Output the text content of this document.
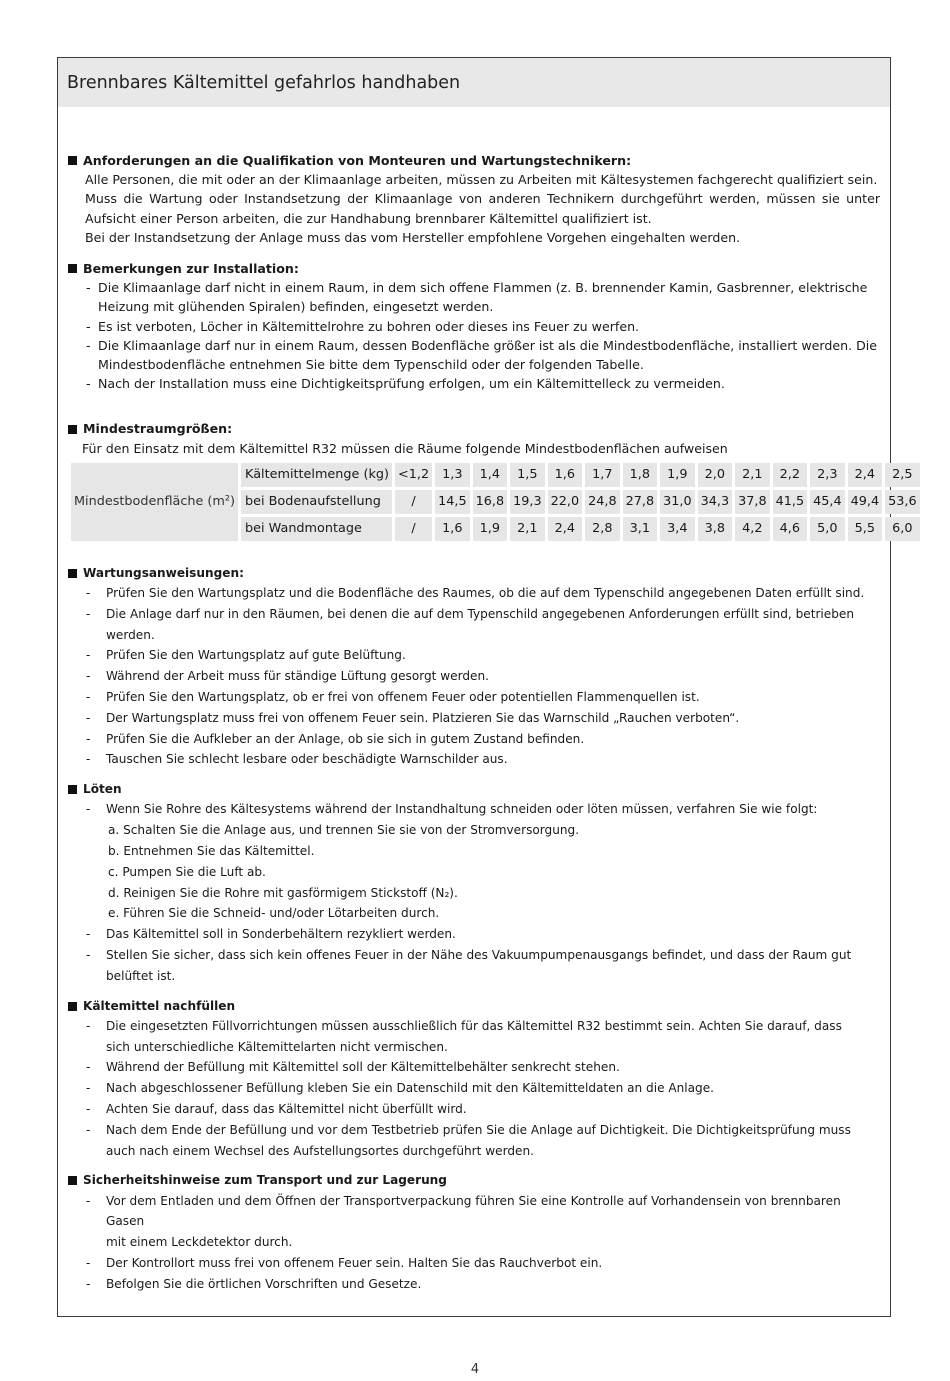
Brennbares Kältemittel gefahrlos handhaben
Anforderungen an die Qualifikation von Monteuren und Wartungstechnikern:
Alle Personen, die mit oder an der Klimaanlage arbeiten, müssen zu Arbeiten mit Kältesystemen fachgerecht qualifiziert sein.
Muss die Wartung oder Instandsetzung der Klimaanlage von anderen Technikern durchgeführt werden, müssen sie unter Aufsicht einer Person arbeiten, die zur Handhabung brennbarer Kältemittel qualifiziert ist.
Bei der Instandsetzung der Anlage muss das vom Hersteller empfohlene Vorgehen eingehalten werden.
Bemerkungen zur Installation:
- Die Klimaanlage darf nicht in einem Raum, in dem sich offene Flammen (z. B. brennender Kamin, Gasbrenner, elektrische Heizung mit glühenden Spiralen) befinden, eingesetzt werden.
- Es ist verboten, Löcher in Kältemittelrohre zu bohren oder dieses ins Feuer zu werfen.
- Die Klimaanlage darf nur in einem Raum, dessen Bodenfläche größer ist als die Mindestbodenfläche, installiert werden. Die Mindestbodenfläche entnehmen Sie bitte dem Typenschild oder der folgenden Tabelle.
- Nach der Installation muss eine Dichtigkeitsprüfung erfolgen, um ein Kältemittelleck zu vermeiden.
Mindestraumgrößen:
Für den Einsatz mit dem Kältemittel R32 müssen die Räume folgende Mindestbodenflächen aufweisen
Mindestbodenfläche (m²)	Kältemittelmenge (kg)	<1,2	1,3	1,4	1,5	1,6	1,7	1,8	1,9	2,0	2,1	2,2	2,3	2,4	2,5
	bei Bodenaufstellung	/	14,5	16,8	19,3	22,0	24,8	27,8	31,0	34,3	37,8	41,5	45,4	49,4	53,6
	bei Wandmontage	/	1,6	1,9	2,1	2,4	2,8	3,1	3,4	3,8	4,2	4,6	5,0	5,5	6,0
Wartungsanweisungen:
- Prüfen Sie den Wartungsplatz und die Bodenfläche des Raumes, ob die auf dem Typenschild angegebenen Daten erfüllt sind.
- Die Anlage darf nur in den Räumen, bei denen die auf dem Typenschild angegebenen Anforderungen erfüllt sind, betrieben werden.
- Prüfen Sie den Wartungsplatz auf gute Belüftung.
- Während der Arbeit muss für ständige Lüftung gesorgt werden.
- Prüfen Sie den Wartungsplatz, ob er frei von offenem Feuer oder potentiellen Flammenquellen ist.
- Der Wartungsplatz muss frei von offenem Feuer sein. Platzieren Sie das Warnschild „Rauchen verboten“.
- Prüfen Sie die Aufkleber an der Anlage, ob sie sich in gutem Zustand befinden.
- Tauschen Sie schlecht lesbare oder beschädigte Warnschilder aus.
Löten
- Wenn Sie Rohre des Kältesystems während der Instandhaltung schneiden oder löten müssen, verfahren Sie wie folgt:
a. Schalten Sie die Anlage aus, und trennen Sie sie von der Stromversorgung.
b. Entnehmen Sie das Kältemittel.
c. Pumpen Sie die Luft ab.
d. Reinigen Sie die Rohre mit gasförmigem Stickstoff (N₂).
e. Führen Sie die Schneid- und/oder Lötarbeiten durch.
- Das Kältemittel soll in Sonderbehältern rezykliert werden.
- Stellen Sie sicher, dass sich kein offenes Feuer in der Nähe des Vakuumpumpenausgangs befindet, und dass der Raum gut belüftet ist.
Kältemittel nachfüllen
- Die eingesetzten Füllvorrichtungen müssen ausschließlich für das Kältemittel R32 bestimmt sein. Achten Sie darauf, dass sich unterschiedliche Kältemittelarten nicht vermischen.
- Während der Befüllung mit Kältemittel soll der Kältemittelbehälter senkrecht stehen.
- Nach abgeschlossener Befüllung kleben Sie ein Datenschild mit den Kältemitteldaten an die Anlage.
- Achten Sie darauf, dass das Kältemittel nicht überfüllt wird.
- Nach dem Ende der Befüllung und vor dem Testbetrieb prüfen Sie die Anlage auf Dichtigkeit. Die Dichtigkeitsprüfung muss auch nach einem Wechsel des Aufstellungsortes durchgeführt werden.
Sicherheitshinweise zum Transport und zur Lagerung
- Vor dem Entladen und dem Öffnen der Transportverpackung führen Sie eine Kontrolle auf Vorhandensein von brennbaren Gasen
mit einem Leckdetektor durch.
- Der Kontrollort muss frei von offenem Feuer sein. Halten Sie das Rauchverbot ein.
- Befolgen Sie die örtlichen Vorschriften und Gesetze.
4
